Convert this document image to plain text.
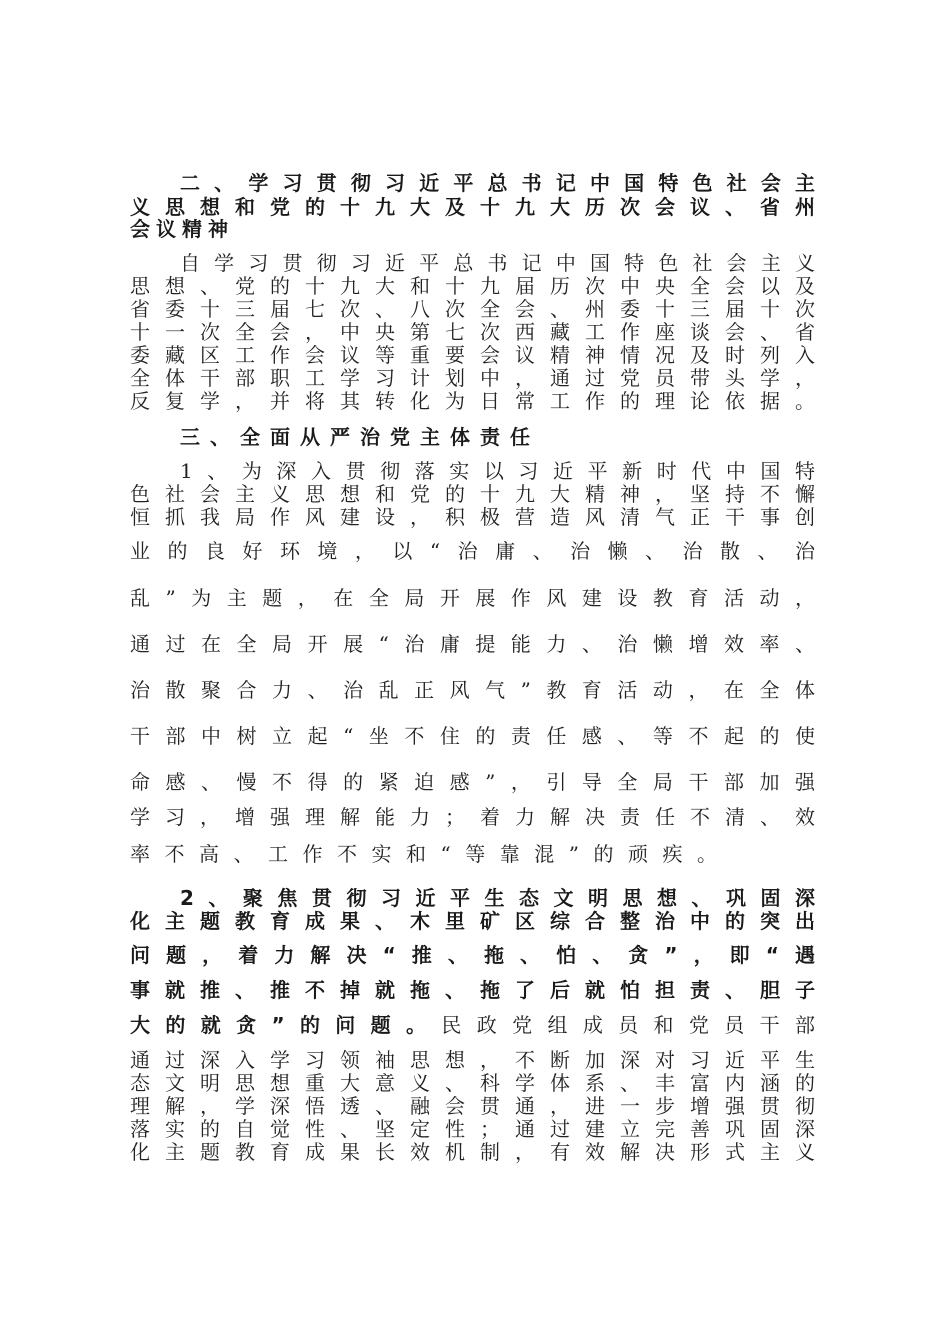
二、学习贯彻习近平总书记中国特色社会主

义思想和党的十九大及十九大历次会议、省州

会议精神

自学习贯彻习近平总书记中国特色社会主义

思想、党的十九大和十九届历次中央全会以及

省委十三届七次、八次全会、州委十三届十次

十一次全会，中央第七次西藏工作座谈会、省

委藏区工作会议等重要会议精神情况及时列入

全体干部职工学习计划中，通过党员带头学，

反复学，并将其转化为日常工作的理论依据。

三、全面从严治党主体责任

1、为深入贯彻落实以习近平新时代中国特

色社会主义思想和党的十九大精神，坚持不懈

恒抓我局作风建设，积极营造风清气正干事创

业的良好环境，以“治庸、治懒、治散、治

乱”为主题，在全局开展作风建设教育活动，

通过在全局开展“治庸提能力、治懒增效率、

治散聚合力、治乱正风气”教育活动，在全体

干部中树立起“坐不住的责任感、等不起的使

命感、慢不得的紧迫感”，引导全局干部加强

学习，增强理解能力；着力解决责任不清、效

率不高、工作不实和“等靠混”的顽疾。

2、聚焦贯彻习近平生态文明思想、巩固深

化主题教育成果、木里矿区综合整治中的突出

问题，着力解决“推、拖、怕、贪”，即“遇

事就推、推不掉就拖、拖了后就怕担责、胆子

大的就贪”的问题。民政党组成员和党员干部

通过深入学习领袖思想，不断加深对习近平生

态文明思想重大意义、科学体系、丰富内涵的

理解，学深悟透、融会贯通，进一步增强贯彻

落实的自觉性、坚定性；通过建立完善巩固深

化主题教育成果长效机制，有效解决形式主义
